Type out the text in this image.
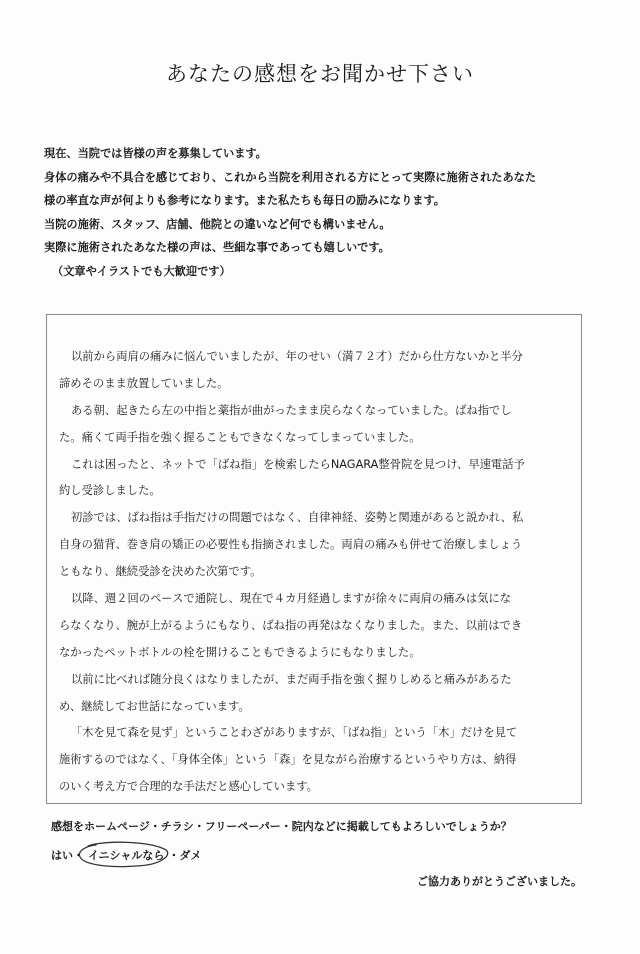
あなたの感想をお聞かせ下さい
現在、当院では皆様の声を募集しています。
身体の痛みや不具合を感じており、これから当院を利用される方にとって実際に施術されたあなた
様の率直な声が何よりも参考になります。また私たちも毎日の励みになります。
当院の施術、スタッフ、店舗、他院との違いなど何でも構いません。
実際に施術されたあなた様の声は、些細な事であっても嬉しいです。
（文章やイラストでも大歓迎です）
以前から両肩の痛みに悩んでいましたが、年のせい（満７２才）だから仕方ないかと半分
諦めそのまま放置していました。
ある朝、起きたら左の中指と薬指が曲がったまま戻らなくなっていました。ばね指でし
た。痛くて両手指を強く握ることもできなくなってしまっていました。
これは困ったと、ネットで「ばね指」を検索したらNAGARA整骨院を見つけ、早速電話予
約し受診しました。
初診では、ばね指は手指だけの問題ではなく、自律神経、姿勢と関連があると説かれ、私
自身の猫背、巻き肩の矯正の必要性も指摘されました。両肩の痛みも併せて治療しましょう
ともなり、継続受診を決めた次第です。
以降、週２回のペースで通院し、現在で４カ月経過しますが徐々に両肩の痛みは気にな
らなくなり、腕が上がるようにもなり、ばね指の再発はなくなりました。また、以前はでき
なかったペットボトルの栓を開けることもできるようにもなりました。
以前に比べれば随分良くはなりましたが、まだ両手指を強く握りしめると痛みがあるた
め、継続してお世話になっています。
「木を見て森を見ず」ということわざがありますが、「ばね指」という「木」だけを見て
施術するのではなく、「身体全体」という「森」を見ながら治療するというやり方は、納得
のいく考え方で合理的な手法だと感心しています。
感想をホームページ・チラシ・フリーペーパー・院内などに掲載してもよろしいでしょうか？
はい・ イニシャルなら ・ダメ
ご協力ありがとうございました。
